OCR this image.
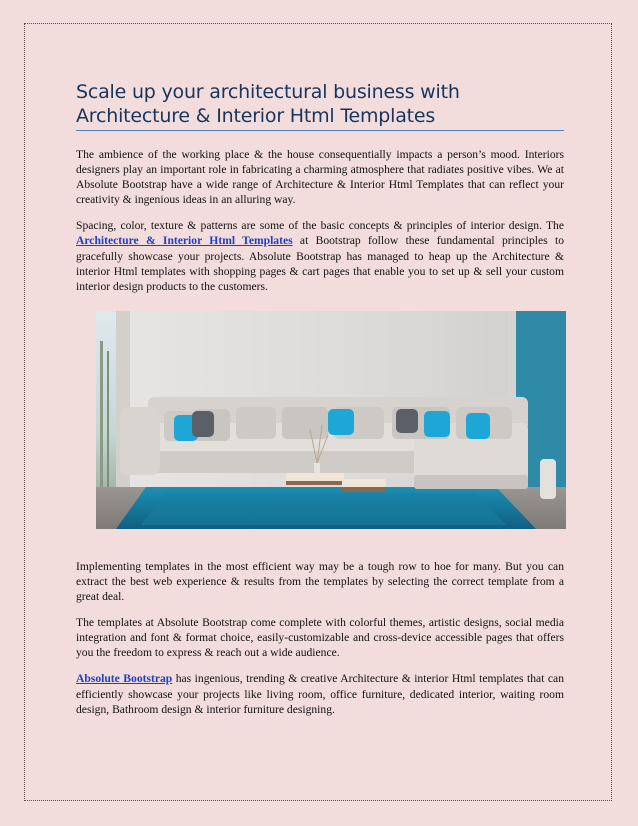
Scale up your architectural business with Architecture & Interior Html Templates

The ambience of the working place & the house consequentially impacts a person’s mood. Interiors designers play an important role in fabricating a charming atmosphere that radiates positive vibes. We at Absolute Bootstrap have a wide range of Architecture & Interior Html Templates that can reflect your creativity & ingenious ideas in an alluring way.

Spacing, color, texture & patterns are some of the basic concepts & principles of interior design. The Architecture & Interior Html Templates at Bootstrap follow these fundamental principles to gracefully showcase your projects. Absolute Bootstrap has managed to heap up the Architecture & interior Html templates with shopping pages & cart pages that enable you to set up & sell your custom interior design products to the customers.

Implementing templates in the most efficient way may be a tough row to hoe for many. But you can extract the best web experience & results from the templates by selecting the correct template from a great deal.

The templates at Absolute Bootstrap come complete with colorful themes, artistic designs, social media integration and font & format choice, easily-customizable and cross-device accessible pages that offers you the freedom to express & reach out a wide audience.

Absolute Bootstrap has ingenious, trending & creative Architecture & interior Html templates that can efficiently showcase your projects like living room, office furniture, dedicated interior, waiting room design, Bathroom design & interior furniture designing.
